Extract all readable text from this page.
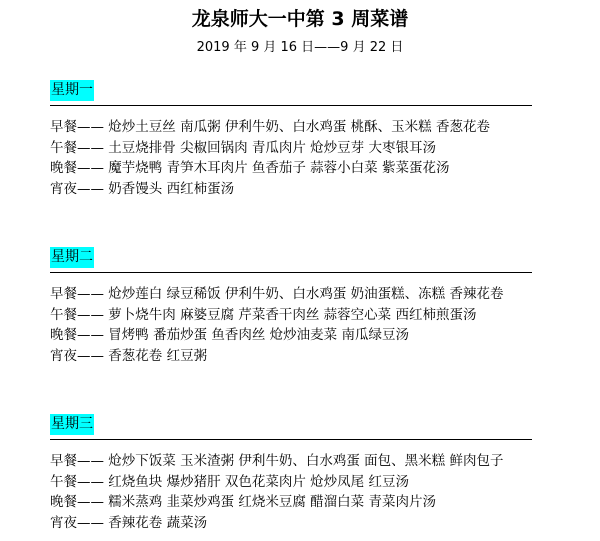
龙泉师大一中第 3 周菜谱
2019 年 9 月 16 日——9 月 22 日
星期一
早餐—— 炝炒土豆丝 南瓜粥 伊利牛奶、白水鸡蛋 桃酥、玉米糕 香葱花卷
午餐—— 土豆烧排骨 尖椒回锅肉 青瓜肉片 炝炒豆芽 大枣银耳汤
晚餐—— 魔芋烧鸭 青笋木耳肉片 鱼香茄子 蒜蓉小白菜 紫菜蛋花汤
宵夜—— 奶香馒头 西红柿蛋汤
星期二
早餐—— 炝炒莲白 绿豆稀饭 伊利牛奶、白水鸡蛋 奶油蛋糕、冻糕 香辣花卷
午餐—— 萝卜烧牛肉 麻婆豆腐 芹菜香干肉丝 蒜蓉空心菜 西红柿煎蛋汤
晚餐—— 冒烤鸭 番茄炒蛋 鱼香肉丝 炝炒油麦菜 南瓜绿豆汤
宵夜—— 香葱花卷 红豆粥
星期三
早餐—— 炝炒下饭菜 玉米渣粥 伊利牛奶、白水鸡蛋 面包、黑米糕 鲜肉包子
午餐—— 红烧鱼块 爆炒猪肝 双色花菜肉片 炝炒凤尾 红豆汤
晚餐—— 糯米蒸鸡 韭菜炒鸡蛋 红烧米豆腐 醋溜白菜 青菜肉片汤
宵夜—— 香辣花卷 蔬菜汤
